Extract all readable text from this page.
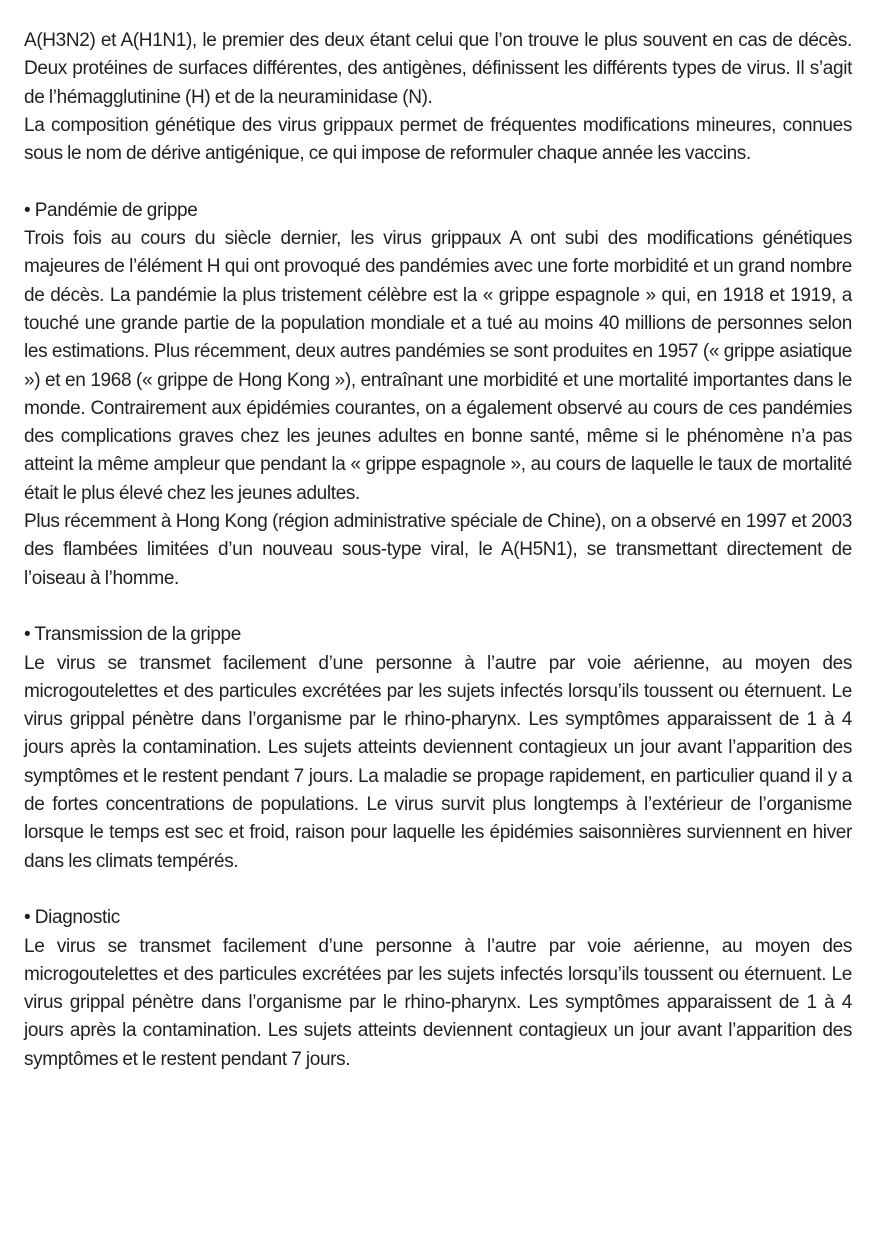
A(H3N2) et A(H1N1), le premier des deux étant celui que l’on trouve le plus souvent en cas de décès. Deux protéines de surfaces différentes, des antigènes, définissent les différents types de virus. Il s’agit de l’hémagglutinine (H) et de la neuraminidase (N).

La composition génétique des virus grippaux permet de fréquentes modifications mineures, connues sous le nom de dérive antigénique, ce qui impose de reformuler chaque année les vaccins.

• Pandémie de grippe

Trois fois au cours du siècle dernier, les virus grippaux A ont subi des modifications génétiques majeures de l’élément H qui ont provoqué des pandémies avec une forte morbidité et un grand nombre de décès. La pandémie la plus tristement célèbre est la « grippe espagnole » qui, en 1918 et 1919, a touché une grande partie de la population mondiale et a tué au moins 40 millions de personnes selon les estimations. Plus récemment, deux autres pandémies se sont produites en 1957 (« grippe asiatique ») et en 1968 (« grippe de Hong Kong »), entraînant une morbidité et une mortalité importantes dans le monde. Contrairement aux épidémies courantes, on a également observé au cours de ces pandémies des complications graves chez les jeunes adultes en bonne santé, même si le phénomène n’a pas atteint la même ampleur que pendant la « grippe espagnole », au cours de laquelle le taux de mortalité était le plus élevé chez les jeunes adultes.

Plus récemment à Hong Kong (région administrative spéciale de Chine), on a observé en 1997 et 2003 des flambées limitées d’un nouveau sous-type viral, le A(H5N1), se transmettant directement de l’oiseau à l’homme.

• Transmission de la grippe

Le virus se transmet facilement d’une personne à l’autre par voie aérienne, au moyen des microgoutelettes et des particules excrétées par les sujets infectés lorsqu’ils toussent ou éternuent. Le virus grippal pénètre dans l’organisme par le rhino-pharynx. Les symptômes apparaissent de 1 à 4 jours après la contamination. Les sujets atteints deviennent contagieux un jour avant l’apparition des symptômes et le restent pendant 7 jours. La maladie se propage rapidement, en particulier quand il y a de fortes concentrations de populations. Le virus survit plus longtemps à l’extérieur de l’organisme lorsque le temps est sec et froid, raison pour laquelle les épidémies saisonnières surviennent en hiver dans les climats tempérés.

• Diagnostic

Le virus se transmet facilement d’une personne à l’autre par voie aérienne, au moyen des microgoutelettes et des particules excrétées par les sujets infectés lorsqu’ils toussent ou éternuent. Le virus grippal pénètre dans l’organisme par le rhino-pharynx. Les symptômes apparaissent de 1 à 4 jours après la contamination. Les sujets atteints deviennent contagieux un jour avant l’apparition des symptômes et le restent pendant 7 jours.
